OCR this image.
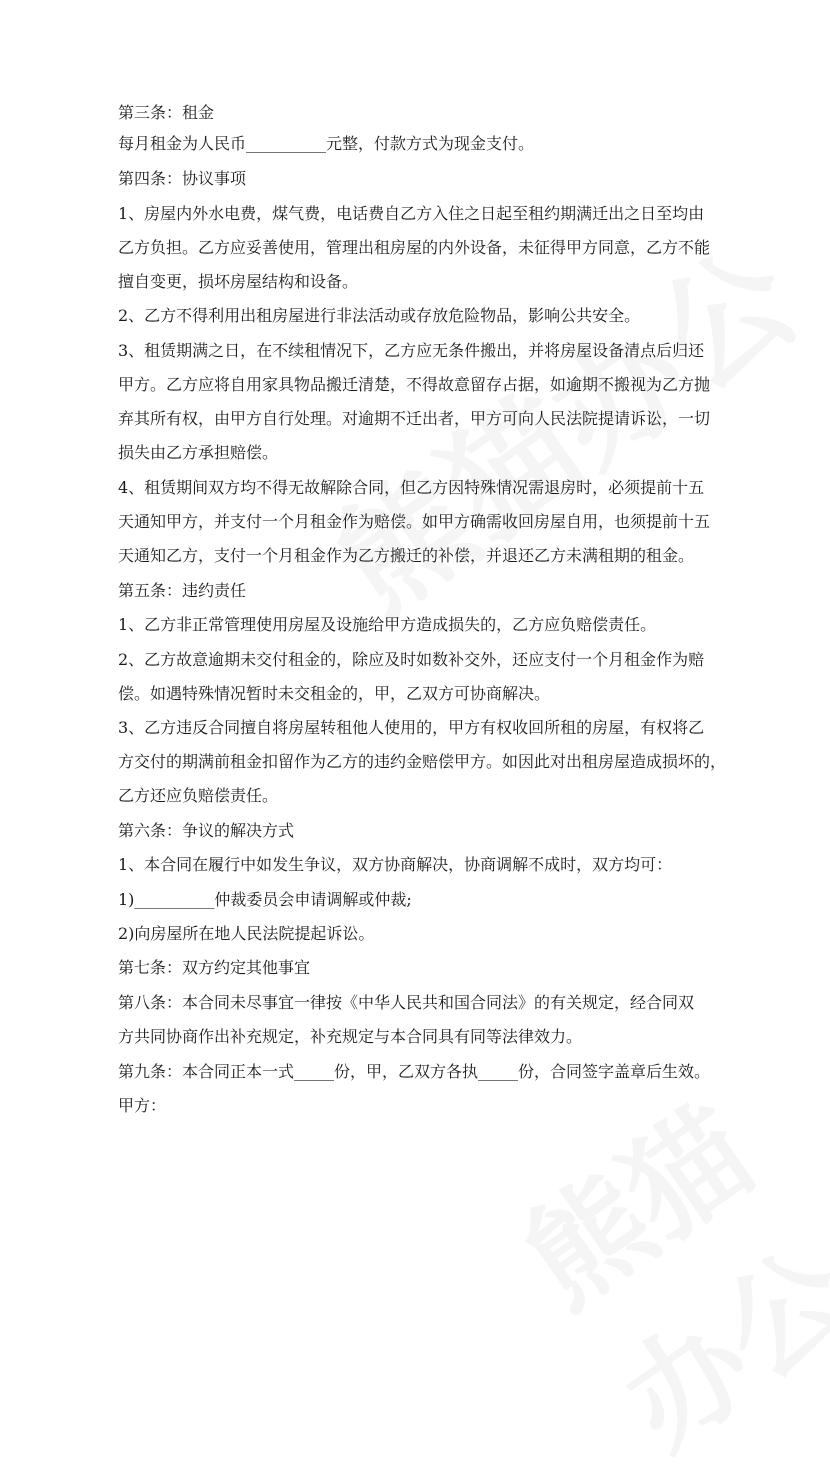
第三条：租金
每月租金为人民币__________元整，付款方式为现金支付。
第四条：协议事项
1、房屋内外水电费，煤气费，电话费自乙方入住之日起至租约期满迁出之日至均由
乙方负担。乙方应妥善使用，管理出租房屋的内外设备，未征得甲方同意，乙方不能
擅自变更，损坏房屋结构和设备。
2、乙方不得利用出租房屋进行非法活动或存放危险物品，影响公共安全。
3、租赁期满之日，在不续租情况下，乙方应无条件搬出，并将房屋设备清点后归还
甲方。乙方应将自用家具物品搬迁清楚，不得故意留存占据，如逾期不搬视为乙方抛
弃其所有权，由甲方自行处理。对逾期不迁出者，甲方可向人民法院提请诉讼，一切
损失由乙方承担赔偿。
4、租赁期间双方均不得无故解除合同，但乙方因特殊情况需退房时，必须提前十五
天通知甲方，并支付一个月租金作为赔偿。如甲方确需收回房屋自用，也须提前十五
天通知乙方，支付一个月租金作为乙方搬迁的补偿，并退还乙方未满租期的租金。
第五条：违约责任
1、乙方非正常管理使用房屋及设施给甲方造成损失的，乙方应负赔偿责任。
2、乙方故意逾期未交付租金的，除应及时如数补交外，还应支付一个月租金作为赔
偿。如遇特殊情况暂时未交租金的，甲，乙双方可协商解决。
3、乙方违反合同擅自将房屋转租他人使用的，甲方有权收回所租的房屋，有权将乙
方交付的期满前租金扣留作为乙方的违约金赔偿甲方。如因此对出租房屋造成损坏的，
乙方还应负赔偿责任。
第六条：争议的解决方式
1、本合同在履行中如发生争议，双方协商解决，协商调解不成时，双方均可：
1)__________仲裁委员会申请调解或仲裁;
2)向房屋所在地人民法院提起诉讼。
第七条：双方约定其他事宜
第八条：本合同未尽事宜一律按《中华人民共和国合同法》的有关规定，经合同双
方共同协商作出补充规定，补充规定与本合同具有同等法律效力。
第九条：本合同正本一式_____份，甲，乙双方各执_____份，合同签字盖章后生效。
甲方：
